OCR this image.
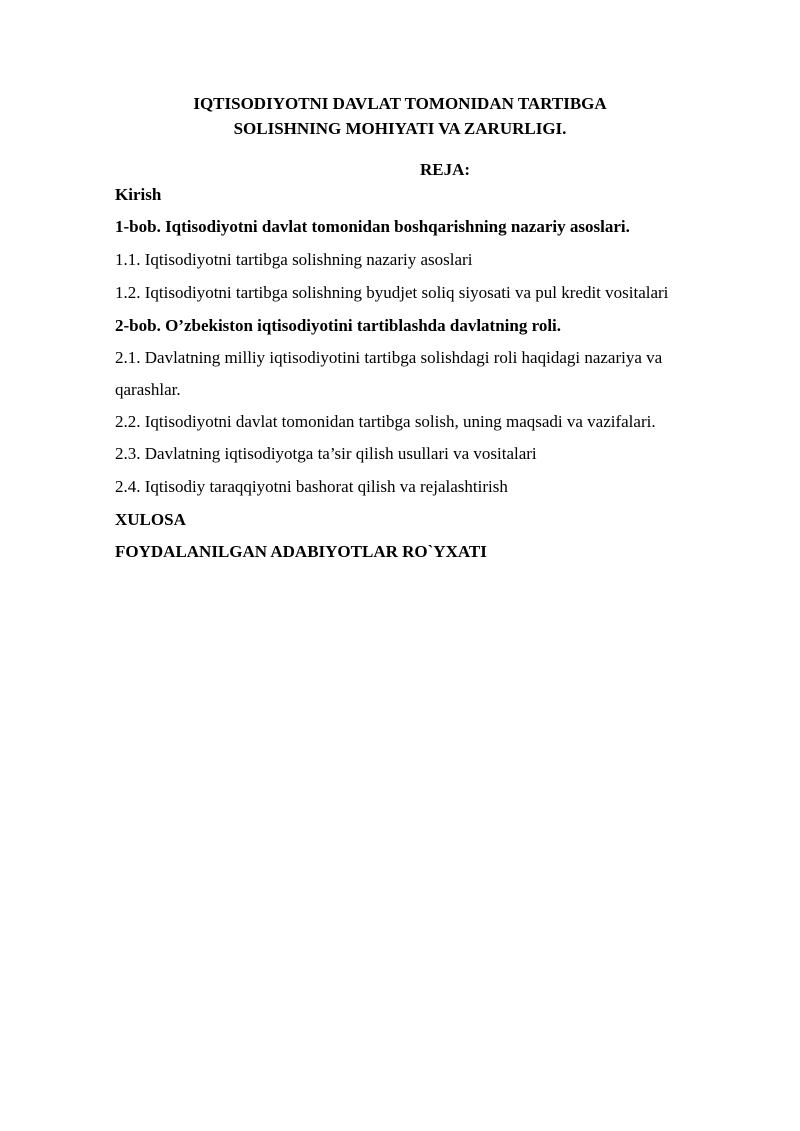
IQTISODIYOTNI DAVLAT TOMONIDAN TARTIBGA
SOLISHNING MOHIYATI VA ZARURLIGI.
REJA:

Kirish

1-bob. Iqtisodiyotni davlat tomonidan boshqarishning nazariy asoslari.

1.1. Iqtisodiyotni tartibga solishning nazariy asoslari

1.2. Iqtisodiyotni tartibga solishning byudjet soliq siyosati va pul kredit vositalari

2-bob. O’zbekiston iqtisodiyotini tartiblashda davlatning roli.

2.1. Davlatning milliy iqtisodiyotini tartibga solishdagi roli haqidagi nazariya va

qarashlar.

2.2. Iqtisodiyotni davlat tomonidan tartibga solish, uning maqsadi va vazifalari.

2.3. Davlatning iqtisodiyotga ta’sir qilish usullari va vositalari

2.4. Iqtisodiy taraqqiyotni bashorat qilish va rejalashtirish

XULOSA

FOYDALANILGAN ADABIYOTLAR RO`YXATI
